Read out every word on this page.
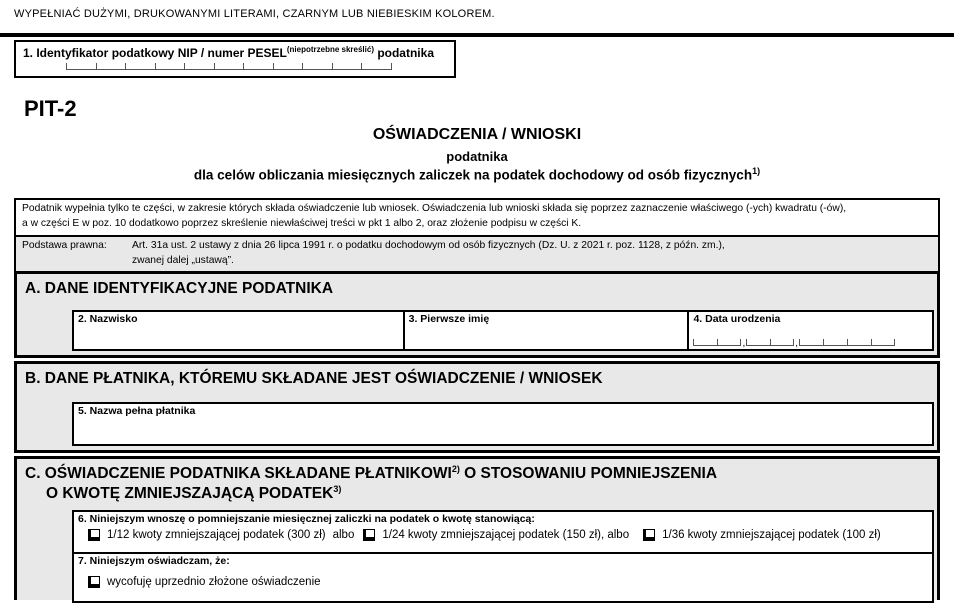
WYPEŁNIAĆ DUŻYMI, DRUKOWANYMI LITERAMI, CZARNYM LUB NIEBIESKIM KOLOREM.
1. Identyfikator podatkowy NIP / numer $PESEL^{(niepotrzebne skreślić)}$ podatnika
PIT-2
OŚWIADCZENIA / WNIOSKI
podatnika
dla celów obliczania miesięcznych zaliczek na podatek dochodowy od osób fizycznych$^{1)}$
Podatnik wypełnia tylko te części, w zakresie których składa oświadczenie lub wniosek. Oświadczenia lub wnioski składa się poprzez zaznaczenie właściwego (-ych) kwadratu (-ów),
a w części E w poz. 10 dodatkowo poprzez skreślenie niewłaściwej treści w pkt 1 albo 2, oraz złożenie podpisu w części K.
Podstawa prawna:	Art. 31a ust. 2 ustawy z dnia 26 lipca 1991 r. o podatku dochodowym od osób fizycznych (Dz. U. z 2021 r. poz. 1128, z późn. zm.),
zwanej dalej „ustawą”.
A. DANE IDENTYFIKACYJNE PODATNIKA
2. Nazwisko	3. Pierwsze imię	4. Data urodzenia
,	,
B. DANE PŁATNIKA, KTÓREMU SKŁADANE JEST OŚWIADCZENIE / WNIOSEK
5. Nazwa pełna płatnika
C. OŚWIADCZENIE PODATNIKA SKŁADANE PŁATNIKOWI$^{2)}$ O STOSOWANIU POMNIEJSZENIA
O KWOTĘ ZMNIEJSZAJĄCĄ PODATEK$^{3)}$
6. Niniejszym wnoszę o pomniejszanie miesięcznej zaliczki na podatek o kwotę stanowiącą:
1/12 kwoty zmniejszającej podatek (300 zł) albo 1/24 kwoty zmniejszającej podatek (150 zł), albo	1/36 kwoty zmniejszającej podatek (100 zł)
7. Niniejszym oświadczam, że:
wycofuję uprzednio złożone oświadczenie
